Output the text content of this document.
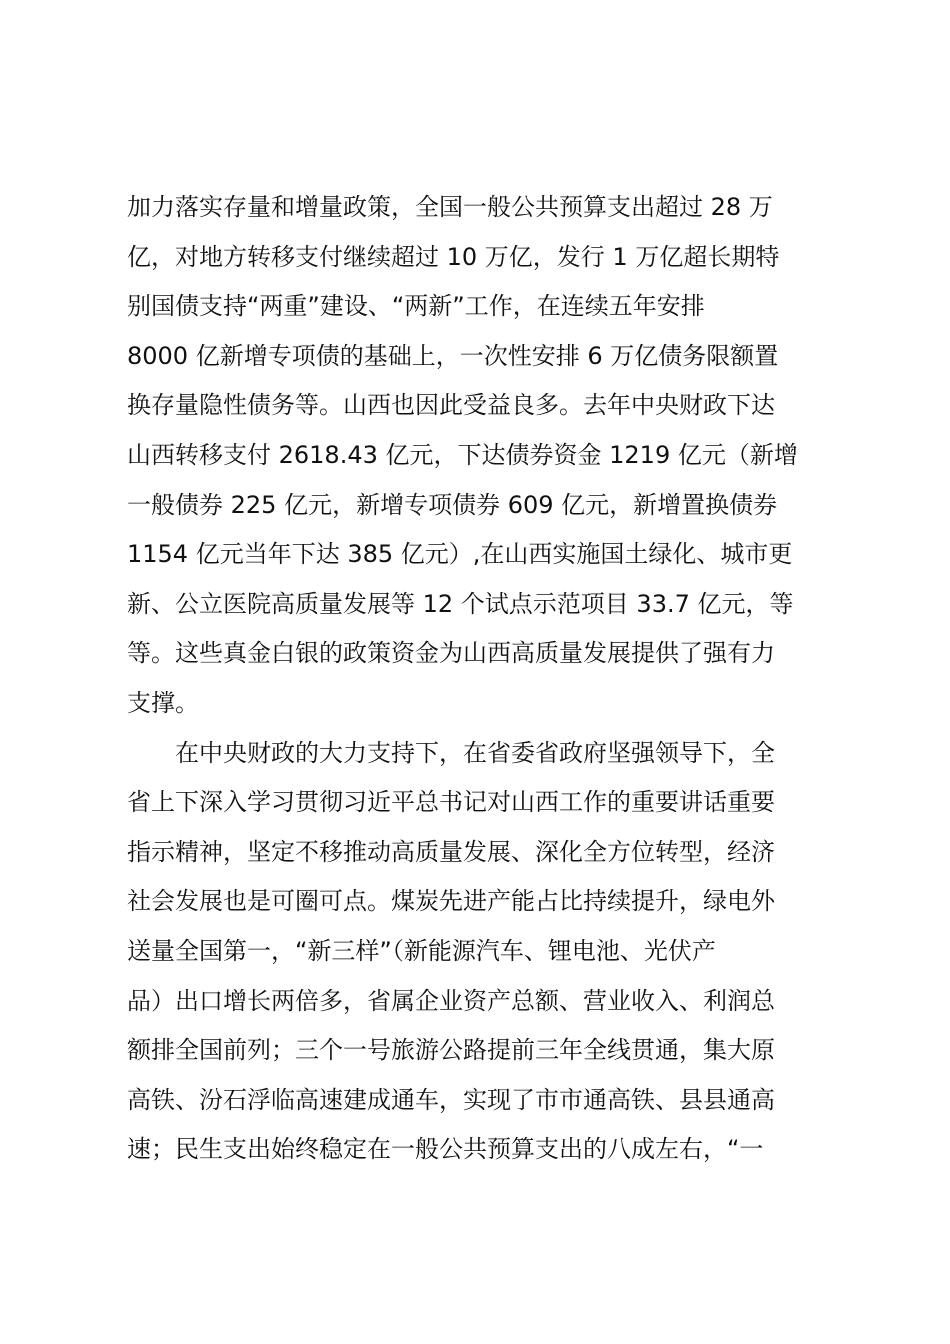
加力落实存量和增量政策，全国一般公共预算支出超过 28 万
亿，对地方转移支付继续超过 10 万亿，发行 1 万亿超长期特
别国债支持“两重”建设、“两新”工作，在连续五年安排
8000 亿新增专项债的基础上，一次性安排 6 万亿债务限额置
换存量隐性债务等。山西也因此受益良多。去年中央财政下达
山西转移支付 2618.43 亿元，下达债券资金 1219 亿元（新增
一般债券 225 亿元，新增专项债券 609 亿元，新增置换债券
1154 亿元当年下达 385 亿元）,在山西实施国土绿化、城市更
新、公立医院高质量发展等 12 个试点示范项目 33.7 亿元，等
等。这些真金白银的政策资金为山西高质量发展提供了强有力
支撑。
　　在中央财政的大力支持下，在省委省政府坚强领导下，全
省上下深入学习贯彻习近平总书记对山西工作的重要讲话重要
指示精神，坚定不移推动高质量发展、深化全方位转型，经济
社会发展也是可圈可点。煤炭先进产能占比持续提升，绿电外
送量全国第一，“新三样”（新能源汽车、锂电池、光伏产
品）出口增长两倍多，省属企业资产总额、营业收入、利润总
额排全国前列；三个一号旅游公路提前三年全线贯通，集大原
高铁、汾石浮临高速建成通车，实现了市市通高铁、县县通高
速；民生支出始终稳定在一般公共预算支出的八成左右，“一
